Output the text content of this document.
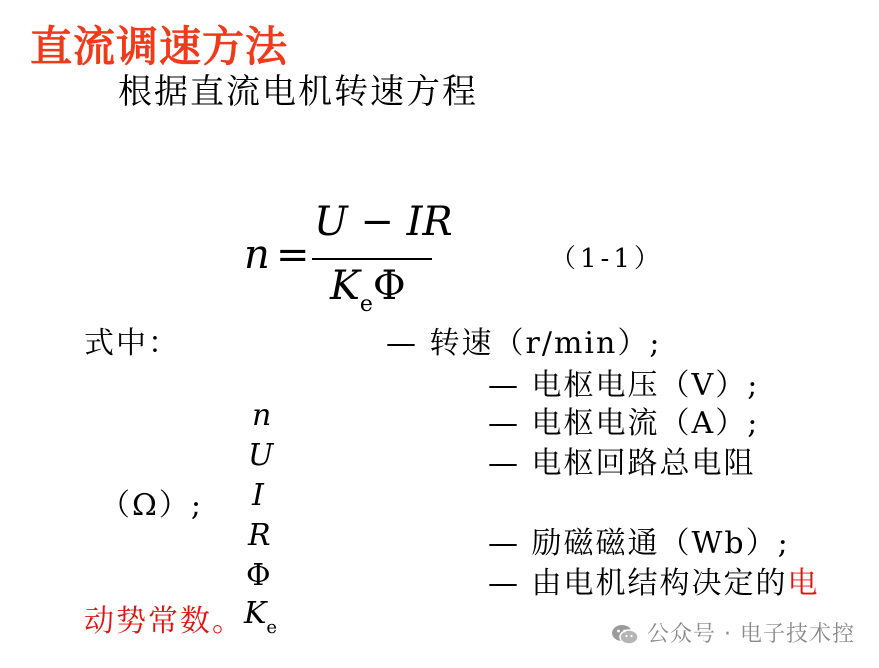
直流调速方法
根据直流电机转速方程
n =
U − IR
$K_e\Phi$
（1-1）
式中：	— 转速（r/min）;
— 电枢电压（V）;
— 电枢电流（A）;
— 电枢回路总电阻
（Ω）;
— 励磁磁通（Wb）;
— 由电机结构决定的电
动势常数。
n
U
I
R
Φ
$K_e$	公众号 · 电子技术控
